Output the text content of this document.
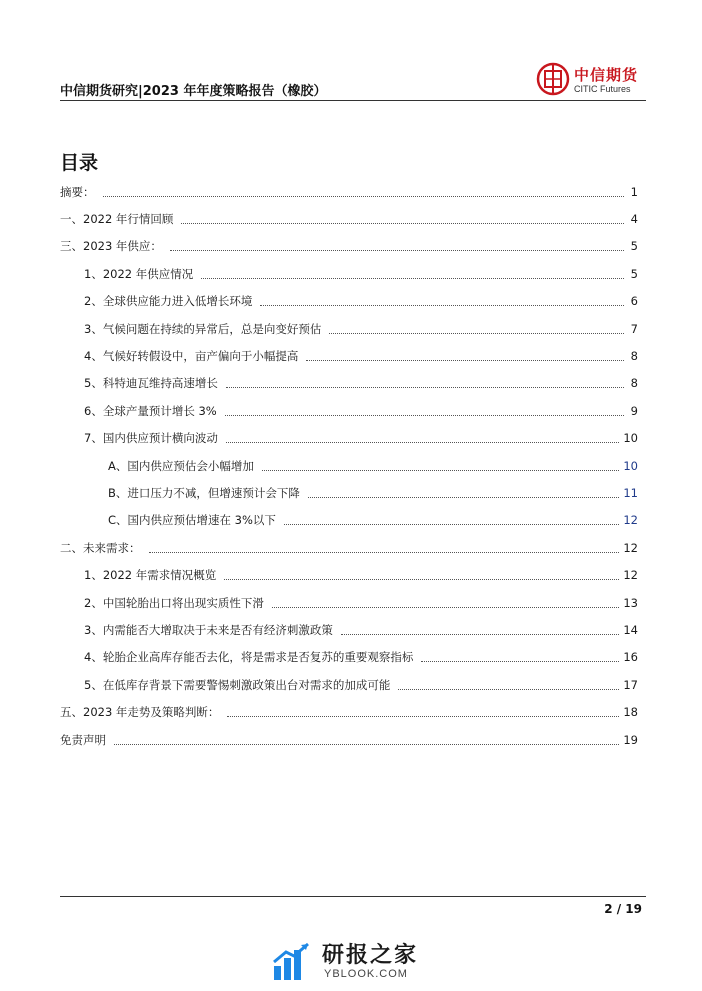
中信期货研究|2023 年年度策略报告（橡胶）
中信期货
CITIC Futures
目录
摘要：	1
一、2022 年行情回顾	4
三、2023 年供应：	5
1、2022 年供应情况	5
2、全球供应能力进入低增长环境	6
3、气候问题在持续的异常后，总是向变好预估	7
4、气候好转假设中，亩产偏向于小幅提高	8
5、科特迪瓦维持高速增长	8
6、全球产量预计增长 3%	9
7、国内供应预计横向波动	10
A、国内供应预估会小幅增加	10
B、进口压力不减，但增速预计会下降	11
C、国内供应预估增速在 3%以下	12
二、未来需求：	12
1、2022 年需求情况概览	12
2、中国轮胎出口将出现实质性下滑	13
3、内需能否大增取决于未来是否有经济刺激政策	14
4、轮胎企业高库存能否去化，将是需求是否复苏的重要观察指标	16
5、在低库存背景下需要警惕刺激政策出台对需求的加成可能	17
五、2023 年走势及策略判断：	18
免责声明	19
2 / 19
研报之家
YBLOOK.COM
